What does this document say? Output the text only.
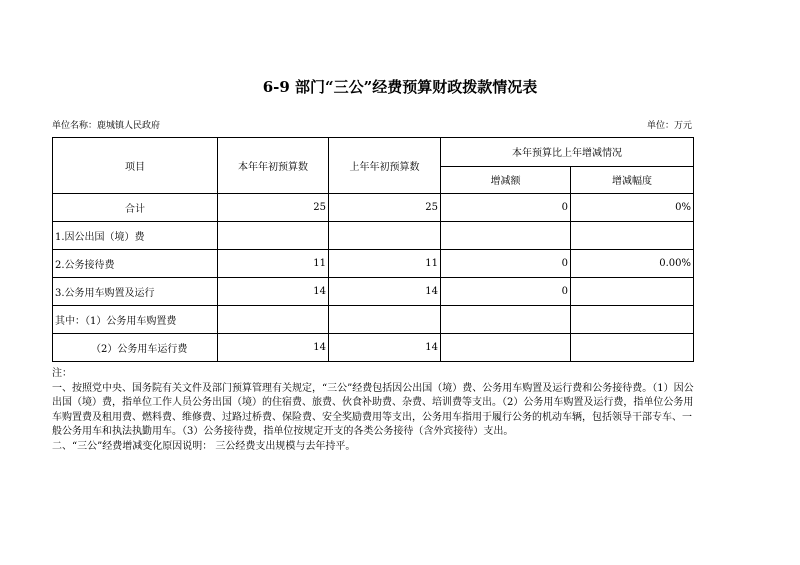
6-9 部门“三公”经费预算财政拨款情况表
单位名称：鹿城镇人民政府	单位：万元
项目	本年年初预算数	上年年初预算数	本年预算比上年增减情况	
			增减额	增减幅度
合计	25	25	0	0%
1.因公出国（境）费				
2.公务接待费	11	11	0	0.00%
3.公务用车购置及运行	14	14	0	
其中：（1）公务用车购置费				
（2）公务用车运行费	14	14		

注：

一、按照党中央、国务院有关文件及部门预算管理有关规定，“三公”经费包括因公出国（境）费、公务用车购置及运行费和公务接待费。（1）因公出国（境）费，指单位工作人员公务出国（境）的住宿费、旅费、伙食补助费、杂费、培训费等支出。（2）公务用车购置及运行费，指单位公务用车购置费及租用费、燃料费、维修费、过路过桥费、保险费、安全奖励费用等支出，公务用车指用于履行公务的机动车辆，包括领导干部专车、一般公务用车和执法执勤用车。（3）公务接待费，指单位按规定开支的各类公务接待（含外宾接待）支出。

二、“三公”经费增减变化原因说明： 三公经费支出规模与去年持平。
